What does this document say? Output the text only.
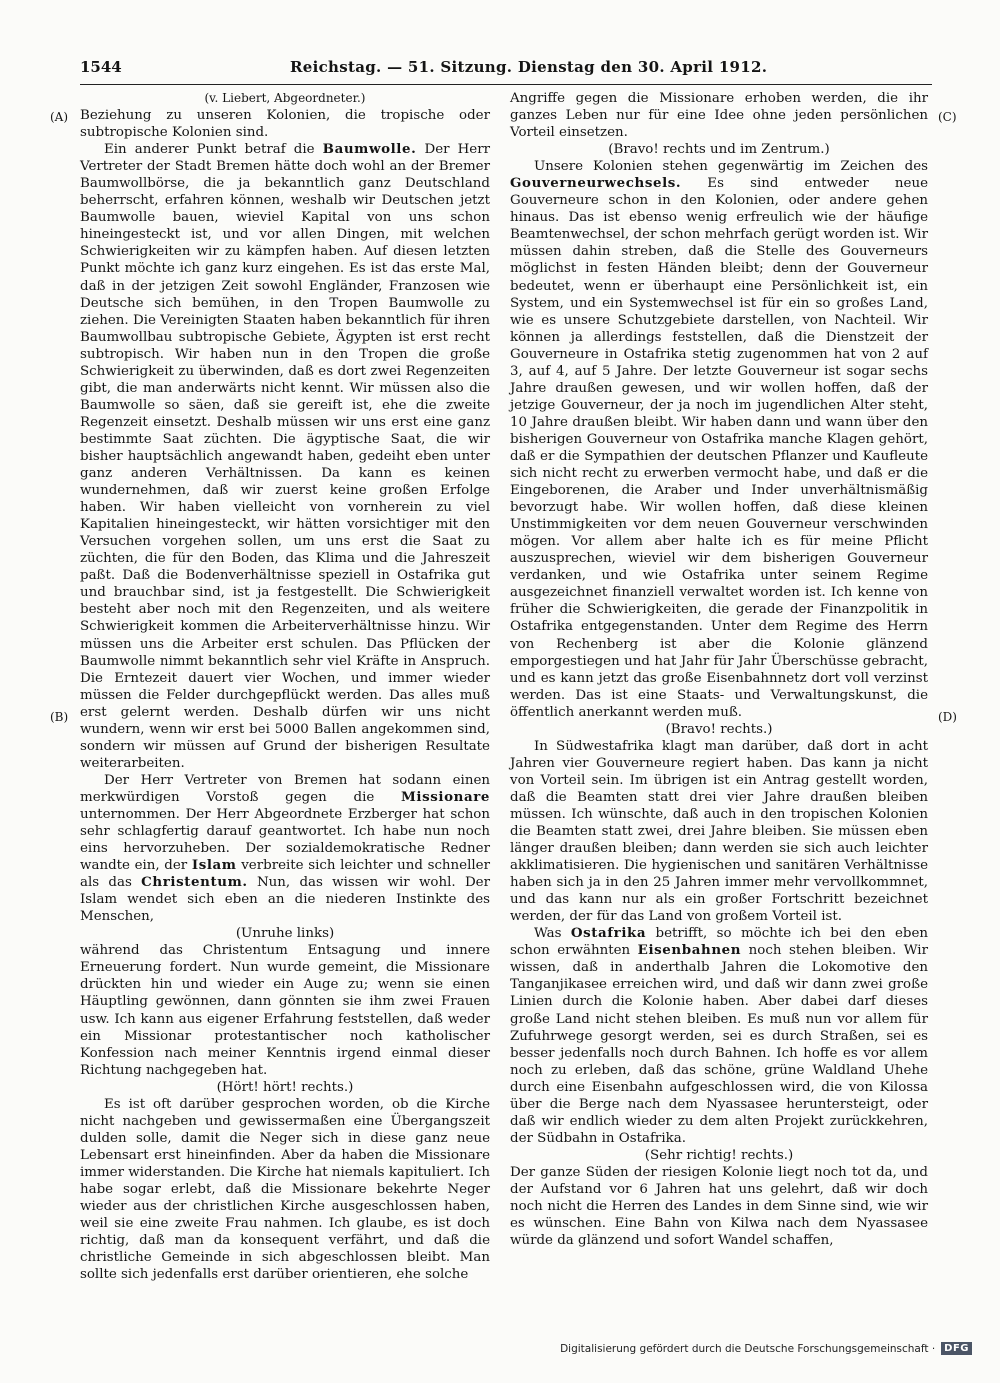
1544	Reichstag. — 51. Sitzung. Dienstag den 30. April 1912.
(A)
(B)
(C)
(D)

(v. Liebert, Abgeordneter.)

Beziehung zu unseren Kolonien, die tropische oder subtropische Kolonien sind.

Ein anderer Punkt betraf die Baumwolle. Der Herr Vertreter der Stadt Bremen hätte doch wohl an der Bremer Baumwollbörse, die ja bekanntlich ganz Deutschland beherrscht, erfahren können, weshalb wir Deutschen jetzt Baumwolle bauen, wieviel Kapital von uns schon hineingesteckt ist, und vor allen Dingen, mit welchen Schwierigkeiten wir zu kämpfen haben. Auf diesen letzten Punkt möchte ich ganz kurz eingehen. Es ist das erste Mal, daß in der jetzigen Zeit sowohl Engländer, Franzosen wie Deutsche sich bemühen, in den Tropen Baumwolle zu ziehen. Die Vereinigten Staaten haben bekanntlich für ihren Baumwollbau subtropische Gebiete, Ägypten ist erst recht subtropisch. Wir haben nun in den Tropen die große Schwierigkeit zu überwinden, daß es dort zwei Regenzeiten gibt, die man anderwärts nicht kennt. Wir müssen also die Baumwolle so säen, daß sie gereift ist, ehe die zweite Regenzeit einsetzt. Deshalb müssen wir uns erst eine ganz bestimmte Saat züchten. Die ägyptische Saat, die wir bisher hauptsächlich angewandt haben, gedeiht eben unter ganz anderen Verhältnissen. Da kann es keinen wundernehmen, daß wir zuerst keine großen Erfolge haben. Wir haben vielleicht von vornherein zu viel Kapitalien hineingesteckt, wir hätten vorsichtiger mit den Versuchen vorgehen sollen, um uns erst die Saat zu züchten, die für den Boden, das Klima und die Jahreszeit paßt. Daß die Bodenverhältnisse speziell in Ostafrika gut und brauchbar sind, ist ja festgestellt. Die Schwierigkeit besteht aber noch mit den Regenzeiten, und als weitere Schwierigkeit kommen die Arbeiterverhältnisse hinzu. Wir müssen uns die Arbeiter erst schulen. Das Pflücken der Baumwolle nimmt bekanntlich sehr viel Kräfte in Anspruch. Die Erntezeit dauert vier Wochen, und immer wieder müssen die Felder durchgepflückt werden. Das alles muß erst gelernt werden. Deshalb dürfen wir uns nicht wundern, wenn wir erst bei 5000 Ballen angekommen sind, sondern wir müssen auf Grund der bisherigen Resultate weiterarbeiten.

Der Herr Vertreter von Bremen hat sodann einen merkwürdigen Vorstoß gegen die Missionare unternommen. Der Herr Abgeordnete Erzberger hat schon sehr schlagfertig darauf geantwortet. Ich habe nun noch eins hervorzuheben. Der sozialdemokratische Redner wandte ein, der Islam verbreite sich leichter und schneller als das Christentum. Nun, das wissen wir wohl. Der Islam wendet sich eben an die niederen Instinkte des Menschen,

(Unruhe links)

während das Christentum Entsagung und innere Erneuerung fordert. Nun wurde gemeint, die Missionare drückten hin und wieder ein Auge zu; wenn sie einen Häuptling gewönnen, dann gönnten sie ihm zwei Frauen usw. Ich kann aus eigener Erfahrung feststellen, daß weder ein Missionar protestantischer noch katholischer Konfession nach meiner Kenntnis irgend einmal dieser Richtung nachgegeben hat.

(Hört! hört! rechts.)

Es ist oft darüber gesprochen worden, ob die Kirche nicht nachgeben und gewissermaßen eine Übergangszeit dulden solle, damit die Neger sich in diese ganz neue Lebensart erst hineinfinden. Aber da haben die Missionare immer widerstanden. Die Kirche hat niemals kapituliert. Ich habe sogar erlebt, daß die Missionare bekehrte Neger wieder aus der christlichen Kirche ausgeschlossen haben, weil sie eine zweite Frau nahmen. Ich glaube, es ist doch richtig, daß man da konsequent verfährt, und daß die christliche Gemeinde in sich abgeschlossen bleibt. Man sollte sich jedenfalls erst darüber orientieren, ehe solche

Angriffe gegen die Missionare erhoben werden, die ihr ganzes Leben nur für eine Idee ohne jeden persönlichen Vorteil einsetzen.

(Bravo! rechts und im Zentrum.)

Unsere Kolonien stehen gegenwärtig im Zeichen des Gouverneurwechsels. Es sind entweder neue Gouverneure schon in den Kolonien, oder andere gehen hinaus. Das ist ebenso wenig erfreulich wie der häufige Beamtenwechsel, der schon mehrfach gerügt worden ist. Wir müssen dahin streben, daß die Stelle des Gouverneurs möglichst in festen Händen bleibt; denn der Gouverneur bedeutet, wenn er überhaupt eine Persönlichkeit ist, ein System, und ein Systemwechsel ist für ein so großes Land, wie es unsere Schutzgebiete darstellen, von Nachteil. Wir können ja allerdings feststellen, daß die Dienstzeit der Gouverneure in Ostafrika stetig zugenommen hat von 2 auf 3, auf 4, auf 5 Jahre. Der letzte Gouverneur ist sogar sechs Jahre draußen gewesen, und wir wollen hoffen, daß der jetzige Gouverneur, der ja noch im jugendlichen Alter steht, 10 Jahre draußen bleibt. Wir haben dann und wann über den bisherigen Gouverneur von Ostafrika manche Klagen gehört, daß er die Sympathien der deutschen Pflanzer und Kaufleute sich nicht recht zu erwerben vermocht habe, und daß er die Eingeborenen, die Araber und Inder unverhältnismäßig bevorzugt habe. Wir wollen hoffen, daß diese kleinen Unstimmigkeiten vor dem neuen Gouverneur verschwinden mögen. Vor allem aber halte ich es für meine Pflicht auszusprechen, wieviel wir dem bisherigen Gouverneur verdanken, und wie Ostafrika unter seinem Regime ausgezeichnet finanziell verwaltet worden ist. Ich kenne von früher die Schwierigkeiten, die gerade der Finanzpolitik in Ostafrika entgegenstanden. Unter dem Regime des Herrn von Rechenberg ist aber die Kolonie glänzend emporgestiegen und hat Jahr für Jahr Überschüsse gebracht, und es kann jetzt das große Eisenbahnnetz dort voll verzinst werden. Das ist eine Staats- und Verwaltungskunst, die öffentlich anerkannt werden muß.

(Bravo! rechts.)

In Südwestafrika klagt man darüber, daß dort in acht Jahren vier Gouverneure regiert haben. Das kann ja nicht von Vorteil sein. Im übrigen ist ein Antrag gestellt worden, daß die Beamten statt drei vier Jahre draußen bleiben müssen. Ich wünschte, daß auch in den tropischen Kolonien die Beamten statt zwei, drei Jahre bleiben. Sie müssen eben länger draußen bleiben; dann werden sie sich auch leichter akklimatisieren. Die hygienischen und sanitären Verhältnisse haben sich ja in den 25 Jahren immer mehr vervollkommnet, und das kann nur als ein großer Fortschritt bezeichnet werden, der für das Land von großem Vorteil ist.

Was Ostafrika betrifft, so möchte ich bei den eben schon erwähnten Eisenbahnen noch stehen bleiben. Wir wissen, daß in anderthalb Jahren die Lokomotive den Tanganjikasee erreichen wird, und daß wir dann zwei große Linien durch die Kolonie haben. Aber dabei darf dieses große Land nicht stehen bleiben. Es muß nun vor allem für Zufuhrwege gesorgt werden, sei es durch Straßen, sei es besser jedenfalls noch durch Bahnen. Ich hoffe es vor allem noch zu erleben, daß das schöne, grüne Waldland Uhehe durch eine Eisenbahn aufgeschlossen wird, die von Kilossa über die Berge nach dem Nyassasee heruntersteigt, oder daß wir endlich wieder zu dem alten Projekt zurückkehren, der Südbahn in Ostafrika.

(Sehr richtig! rechts.)

Der ganze Süden der riesigen Kolonie liegt noch tot da, und der Aufstand vor 6 Jahren hat uns gelehrt, daß wir doch noch nicht die Herren des Landes in dem Sinne sind, wie wir es wünschen. Eine Bahn von Kilwa nach dem Nyassasee würde da glänzend und sofort Wandel schaffen,

Digitalisierung gefördert durch die Deutsche Forschungsgemeinschaft · DFG
